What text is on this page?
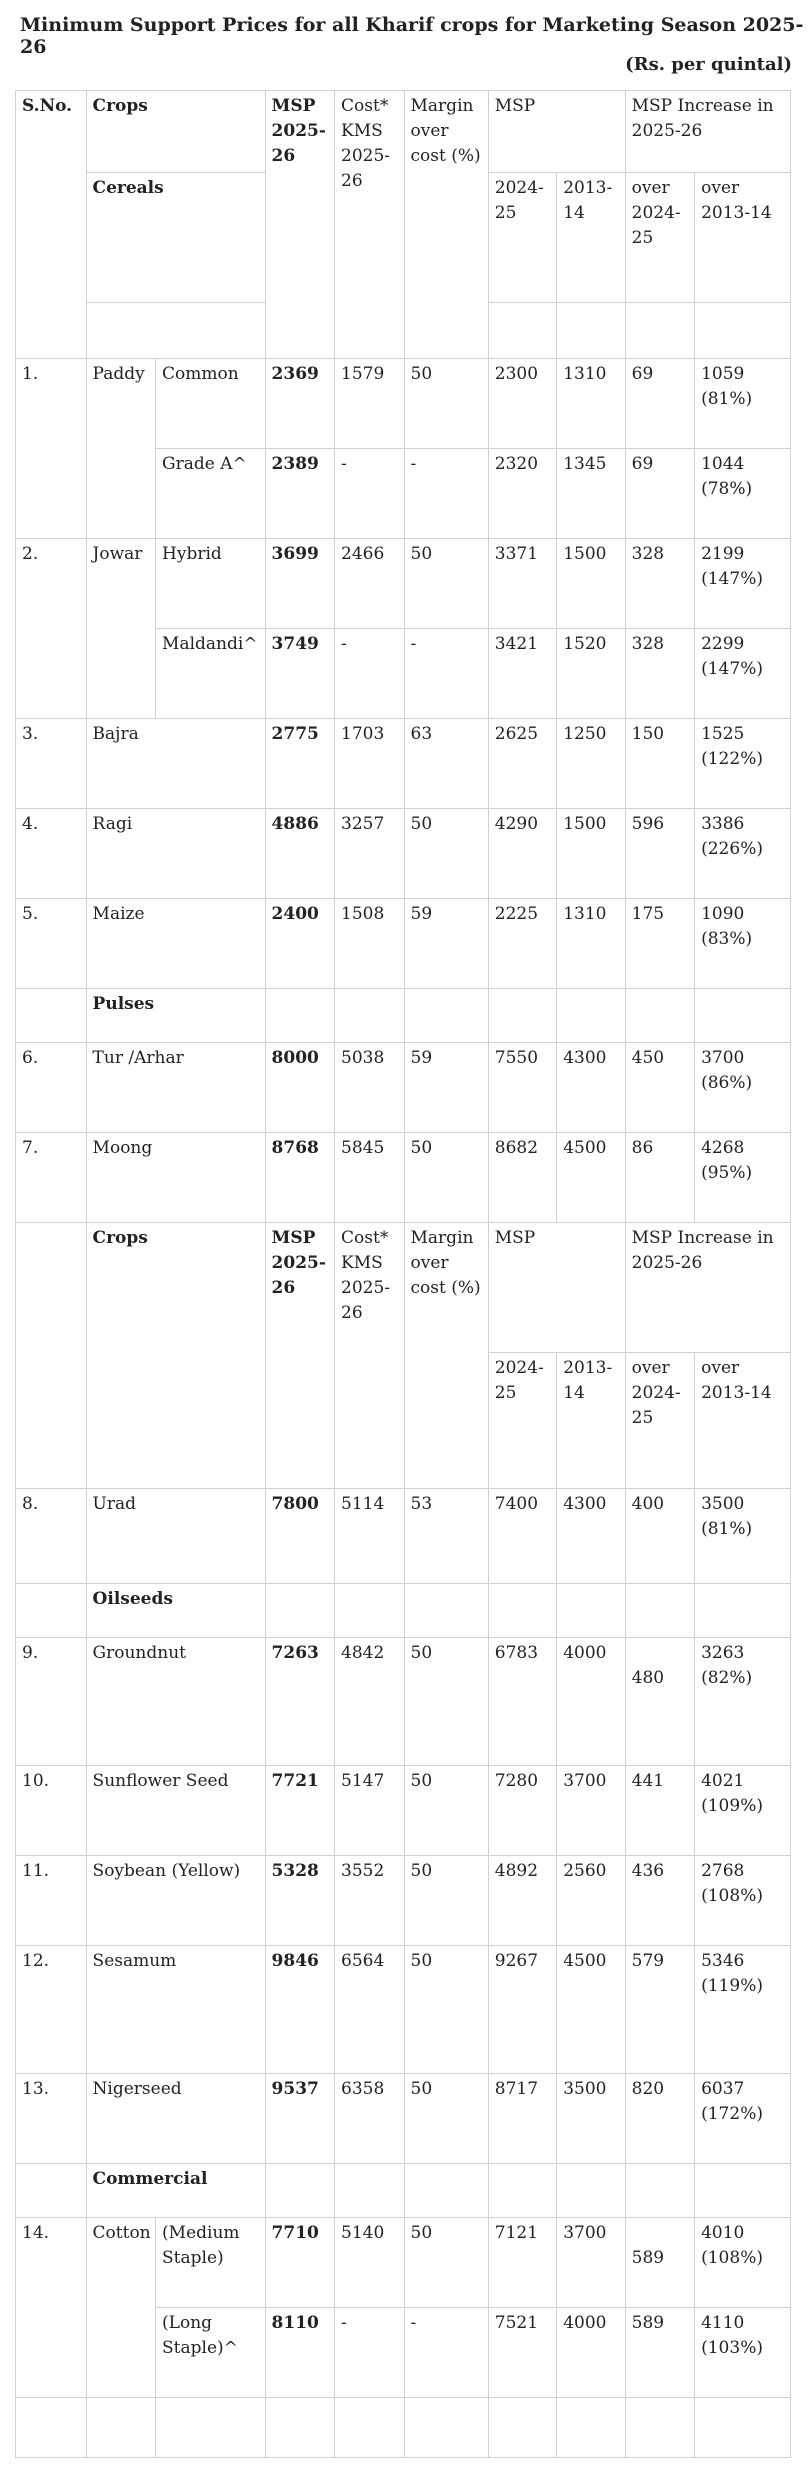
Minimum Support Prices for all Kharif crops for Marketing Season 2025-26
(Rs. per quintal)
S.No.	Crops		MSP 2025-26	Cost* KMS 2025-26	Margin over cost (%)	MSP		MSP Increase in 2025-26	
	Cereals					2024-25	2013-14	over 2024-25	over 2013-14

1.	Paddy	Common	2369	1579	50	2300	1310	69	1059
(81%)
		Grade A^	2389	-	-	2320	1345	69	1044
(78%)
2.	Jowar	Hybrid	3699	2466	50	3371	1500	328	2199
(147%)
		Maldandi^	3749	-	-	3421	1520	328	2299
(147%)
3.	Bajra		2775	1703	63	2625	1250	150	1525
(122%)
4.	Ragi		4886	3257	50	4290	1500	596	3386
(226%)
5.	Maize		2400	1508	59	2225	1310	175	1090
(83%)
	Pulses								
6.	Tur /Arhar		8000	5038	59	7550	4300	450	3700
(86%)
7.	Moong		8768	5845	50	8682	4500	86	4268
(95%)
	Crops		MSP 2025-26	Cost* KMS 2025-26	Margin over cost (%)	MSP		MSP Increase in 2025-26	
						2024-25	2013-14	over 2024-25	over 2013-14
8.	Urad		7800	5114	53	7400	4300	400	3500
(81%)
	Oilseeds								
9.	Groundnut		7263	4842	50	6783	4000	480	3263
(82%)
10.	Sunflower Seed		7721	5147	50	7280	3700	441	4021
(109%)
11.	Soybean (Yellow)		5328	3552	50	4892	2560	436	2768
(108%)
12.	Sesamum		9846	6564	50	9267	4500	579	5346
(119%)
13.	Nigerseed		9537	6358	50	8717	3500	820	6037
(172%)
	Commercial								
14.	Cotton	(Medium Staple)	7710	5140	50	7121	3700	589	4010
(108%)
		(Long Staple)^	8110	-	-	7521	4000	589	4110
(103%)
